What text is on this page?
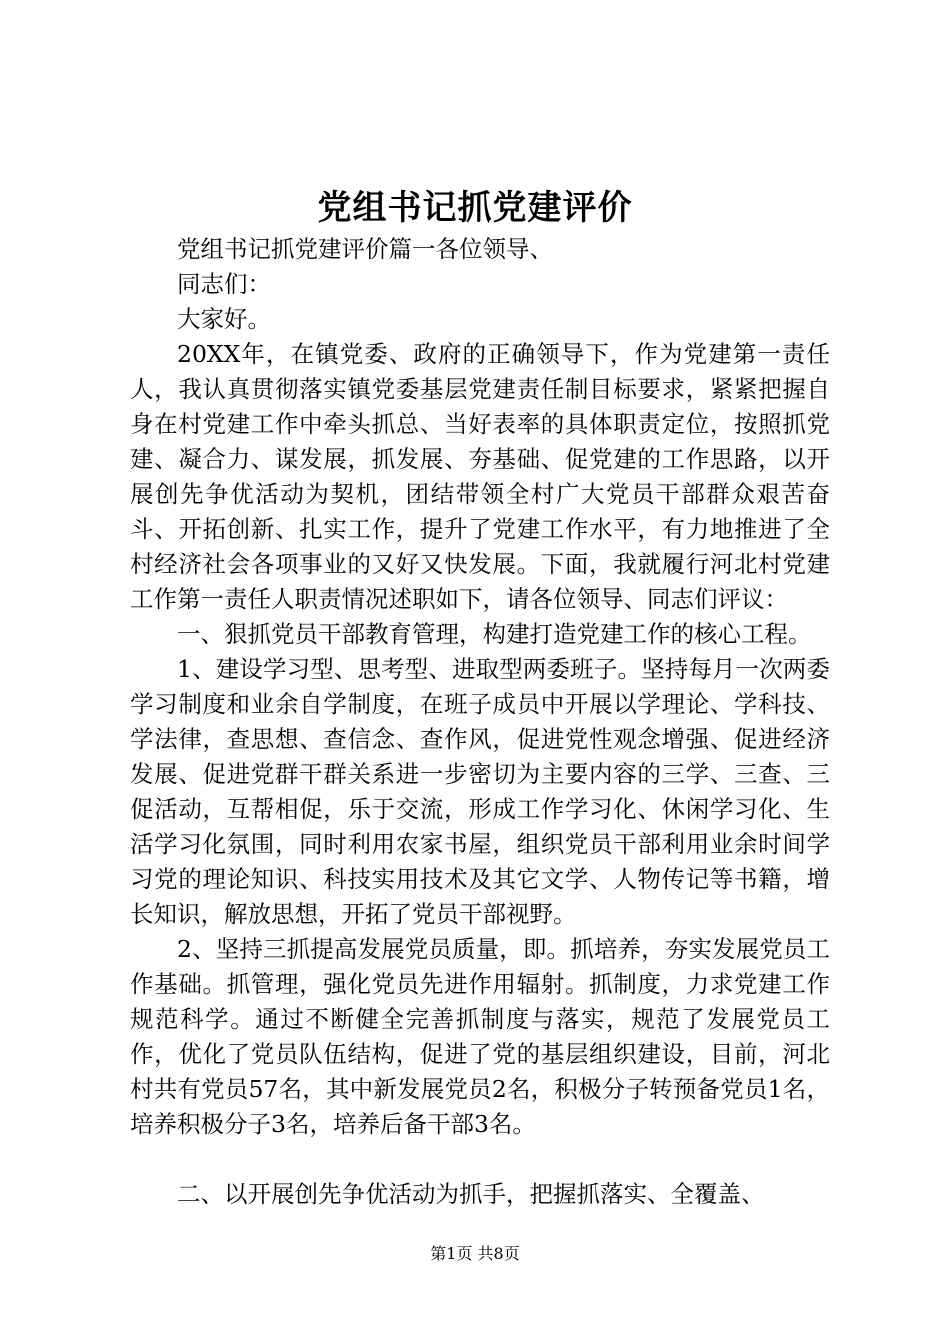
党组书记抓党建评价

党组书记抓党建评价篇一各位领导、

同志们：

大家好。

20XX年，在镇党委、政府的正确领导下，作为党建第一责任人，我认真贯彻落实镇党委基层党建责任制目标要求，紧紧把握自身在村党建工作中牵头抓总、当好表率的具体职责定位，按照抓党建、凝合力、谋发展，抓发展、夯基础、促党建的工作思路，以开展创先争优活动为契机，团结带领全村广大党员干部群众艰苦奋斗、开拓创新、扎实工作，提升了党建工作水平，有力地推进了全村经济社会各项事业的又好又快发展。下面，我就履行河北村党建工作第一责任人职责情况述职如下，请各位领导、同志们评议：

一、狠抓党员干部教育管理，构建打造党建工作的核心工程。

1、建设学习型、思考型、进取型两委班子。坚持每月一次两委学习制度和业余自学制度，在班子成员中开展以学理论、学科技、学法律，查思想、查信念、查作风，促进党性观念增强、促进经济发展、促进党群干群关系进一步密切为主要内容的三学、三查、三促活动，互帮相促，乐于交流，形成工作学习化、休闲学习化、生活学习化氛围，同时利用农家书屋，组织党员干部利用业余时间学习党的理论知识、科技实用技术及其它文学、人物传记等书籍，增长知识，解放思想，开拓了党员干部视野。

2、坚持三抓提高发展党员质量，即。抓培养，夯实发展党员工作基础。抓管理，强化党员先进作用辐射。抓制度，力求党建工作规范科学。通过不断健全完善抓制度与落实，规范了发展党员工作，优化了党员队伍结构，促进了党的基层组织建设，目前，河北村共有党员57名，其中新发展党员2名，积极分子转预备党员1名，培养积极分子3名，培养后备干部3名。

二、以开展创先争优活动为抓手，把握抓落实、全覆盖、

第1页 共8页
